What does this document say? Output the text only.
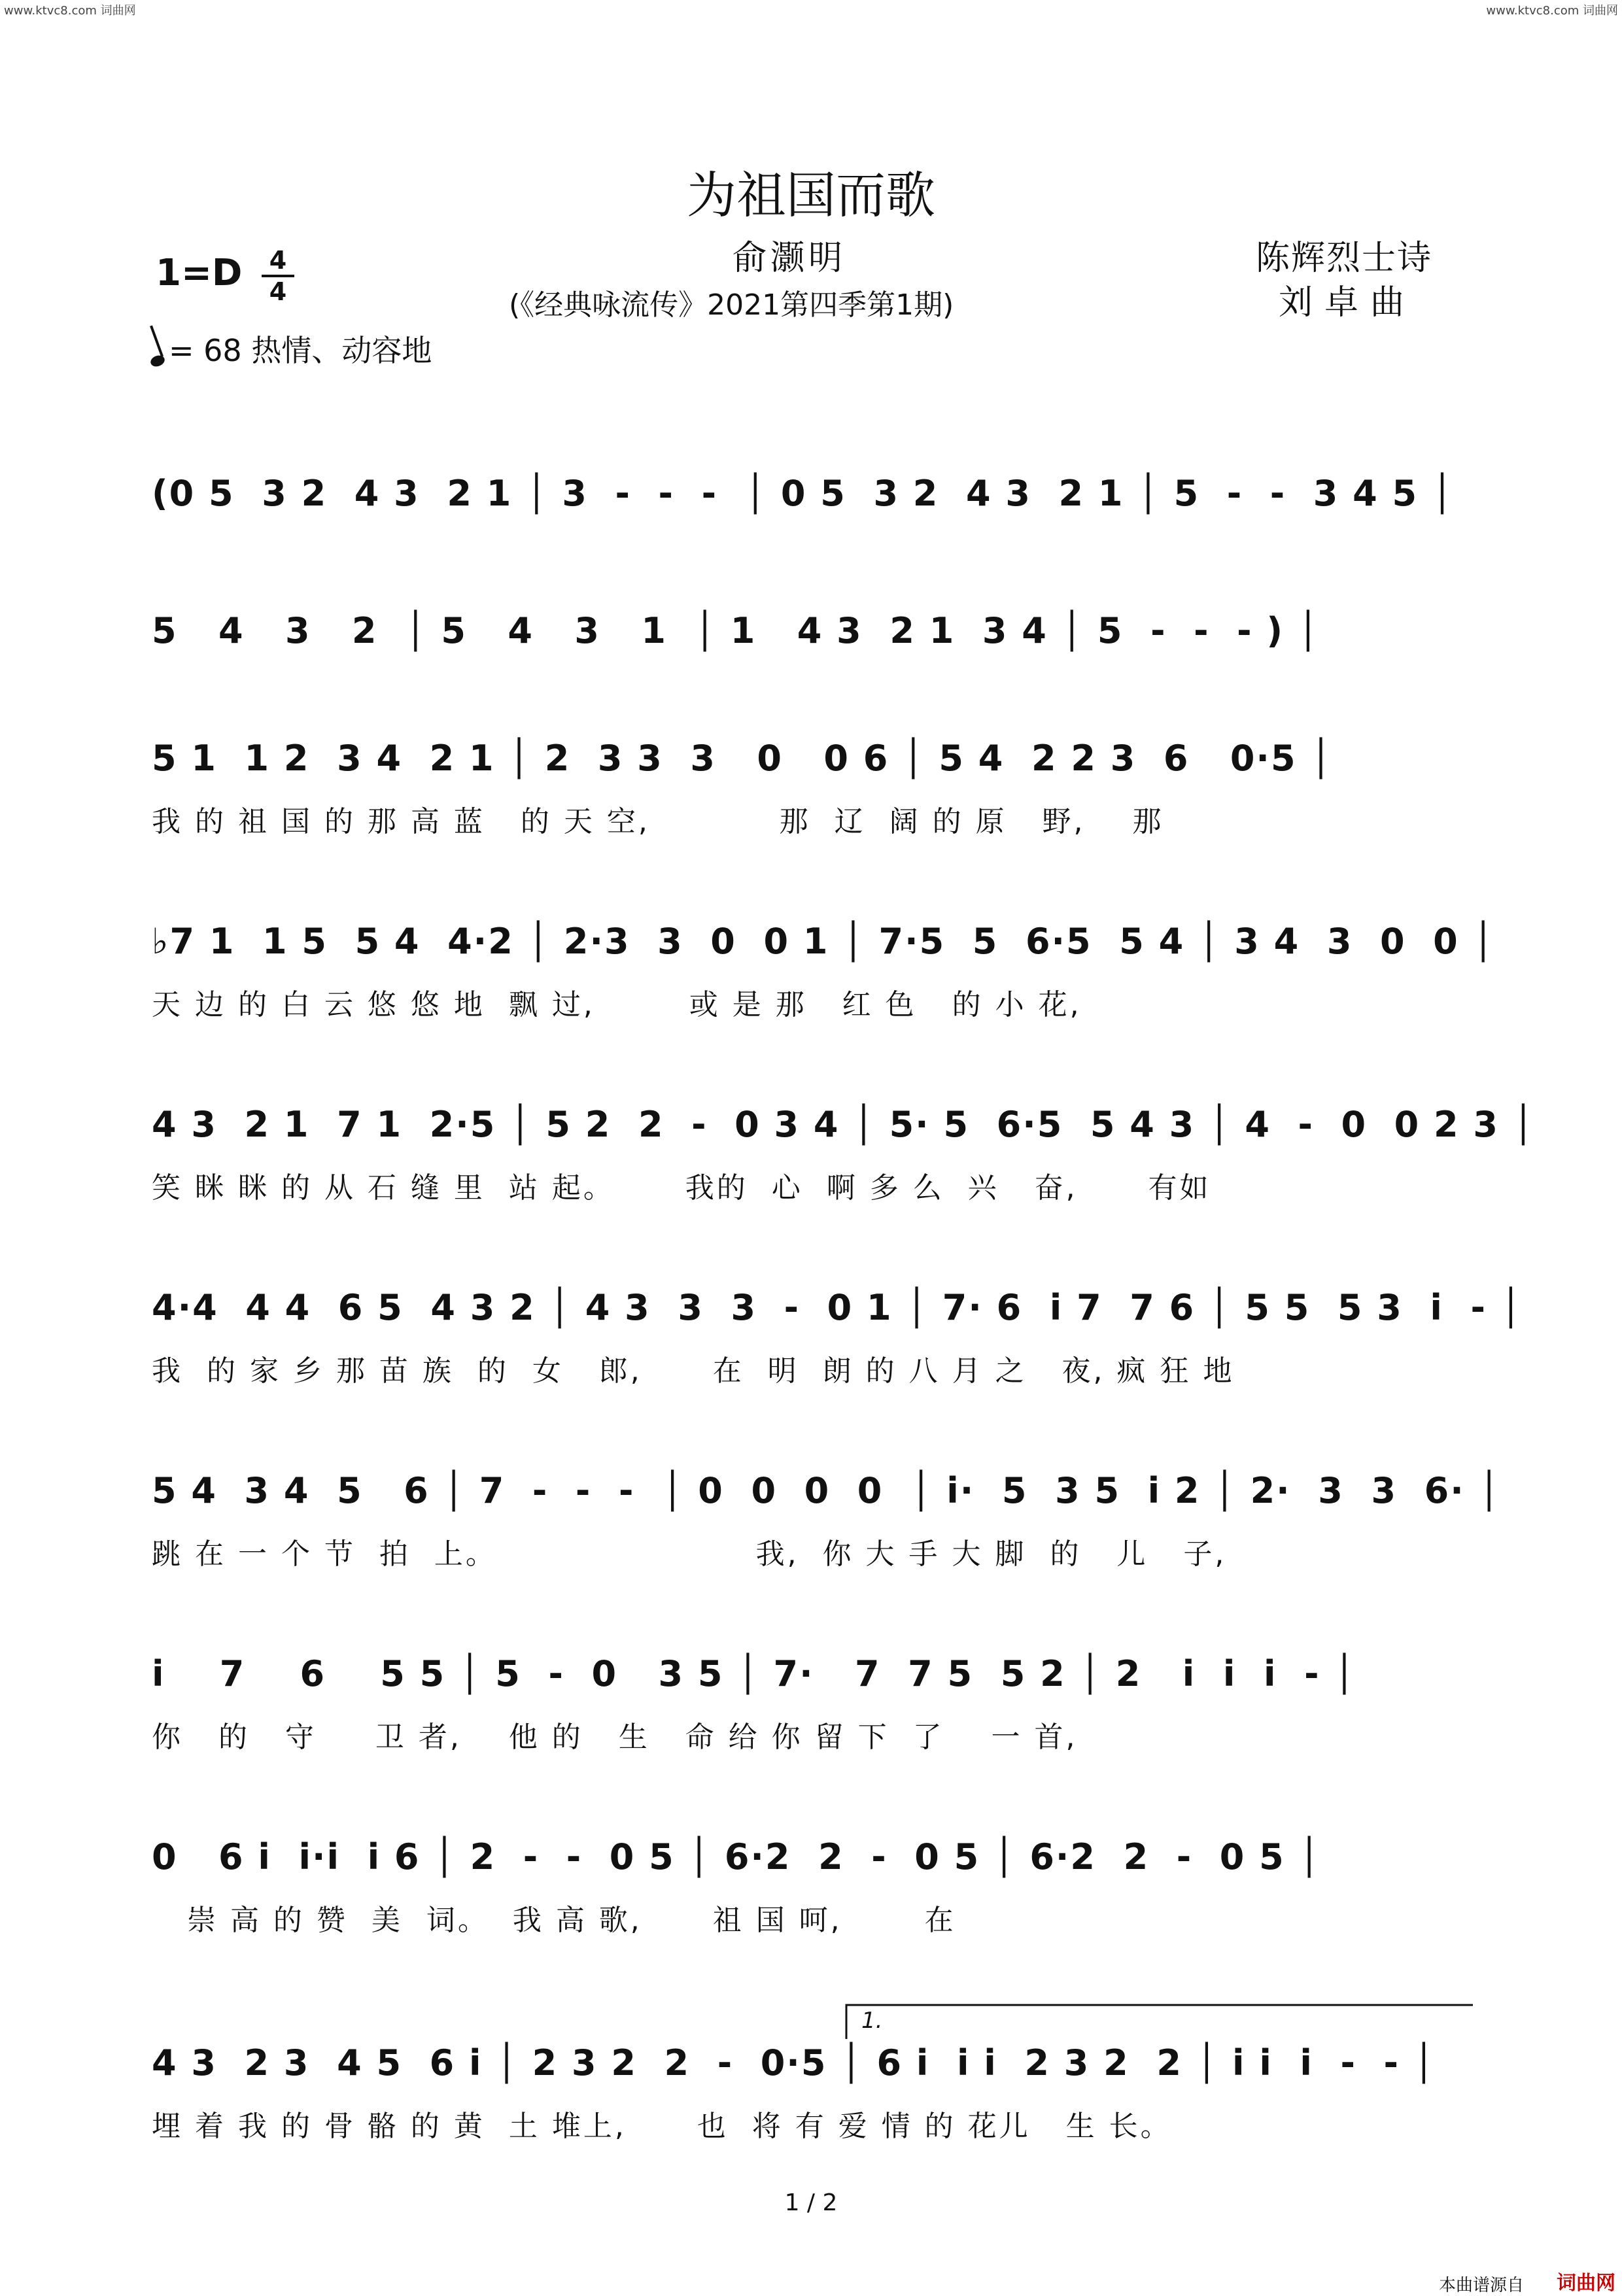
www.ktvc8.com 词曲网	www.ktvc8.com 词曲网
为祖国而歌
俞灏明
(《经典咏流传》2021第四季第1期)
陈辉烈士诗
刘卓曲
1=D	4
4
= 68 热情、动容地
(0 5  3 2  4 3  2 1 │ 3  -  -  -  │ 0 5  3 2  4 3  2 1 │ 5  -  -  3 4 5 │
5   4   3   2  │ 5   4   3   1  │ 1   4 3  2 1  3 4 │ 5  -  -  - ) │
5 1  1 2  3 4  2 1 │ 2  3 3  3   0   0 6 │ 5 4  2 2 3  6   0·5 │
我 的 祖 国 的 那 高 蓝   的 天 空,           那  辽  阔 的 原   野,    那
♭7 1  1 5  5 4  4·2 │ 2·3  3  0  0 1 │ 7·5  5  6·5  5 4 │ 3 4  3  0  0 │
天 边 的 白 云 悠 悠 地  飘 过,        或 是 那   红 色   的 小 花,
4 3  2 1  7 1  2·5 │ 5 2  2  -  0 3 4 │ 5· 5  6·5  5 4 3 │ 4  -  0  0 2 3 │
笑 眯 眯 的 从 石 缝 里  站 起。      我的  心  啊 多 么  兴   奋,      有如
4·4  4 4  6 5  4 3 2 │ 4 3  3  3  -  0 1 │ 7· 6  i 7  7 6 │ 5 5  5 3  i  - │
我  的 家 乡 那 苗 族  的  女   郎,      在  明  朗 的 八 月 之   夜, 疯 狂 地
5 4  3 4  5   6 │ 7  -  -  -  │ 0  0  0  0  │ i·  5  3 5  i 2 │ 2·  3  3  6· │
跳 在 一 个 节  拍  上。                      我,  你 大 手 大 脚  的   儿   子,
i    7    6    5 5 │ 5  -  0   3 5 │ 7·   7  7 5  5 2 │ 2   i  i  i  - │
你   的   守     卫 者,    他 的   生   命 给 你 留 下  了    一 首,
0   6 i  i·i  i 6 │ 2  -  -  0 5 │ 6·2  2  -  0 5 │ 6·2  2  -  0 5 │
崇 高 的 赞  美  词。  我 高 歌,      祖 国 呵,       在
1.
4 3  2 3  4 5  6 i │ 2 3 2  2  -  0·5 │ 6 i  i i  2 3 2  2 │ i i  i  -  - │
埋 着 我 的 骨 骼 的 黄  土 堆上,      也  将 有 爱 情 的 花儿   生 长。
1 / 2
本曲谱源自 词曲网
